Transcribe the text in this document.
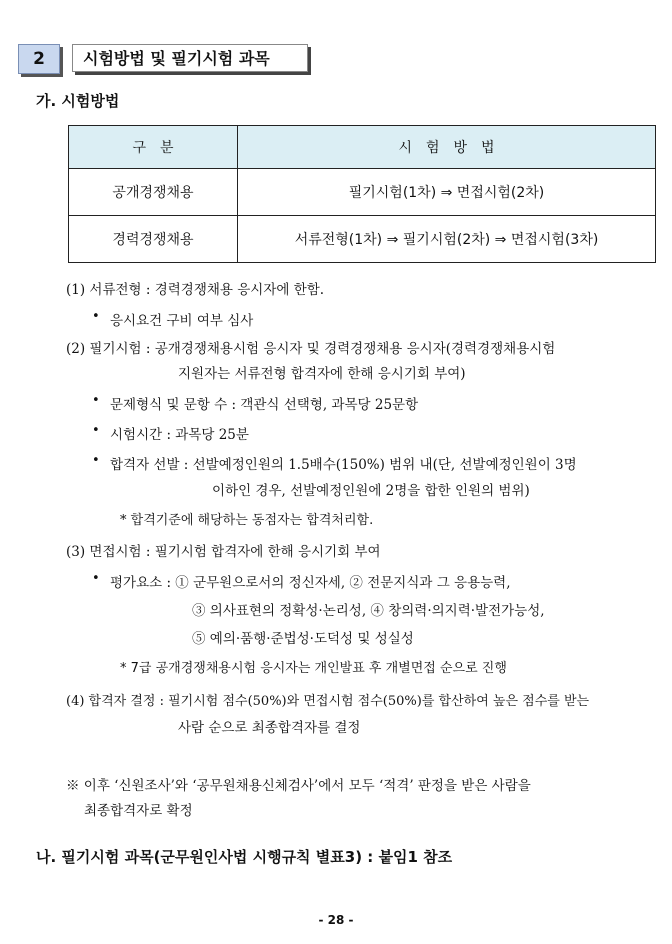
2	시험방법 및 필기시험 과목
가. 시험방법
구　분	시　험　방　법
공개경쟁채용	필기시험(1차) ⇒ 면접시험(2차)
경력경쟁채용	서류전형(1차) ⇒ 필기시험(2차) ⇒ 면접시험(3차)
(1) 서류전형 : 경력경쟁채용 응시자에 한함.
• 응시요건 구비 여부 심사
(2) 필기시험 : 공개경쟁채용시험 응시자 및 경력경쟁채용 응시자(경력경쟁채용시험
지원자는 서류전형 합격자에 한해 응시기회 부여)
• 문제형식 및 문항 수 : 객관식 선택형, 과목당 25문항
• 시험시간 : 과목당 25분
• 합격자 선발 : 선발예정인원의 1.5배수(150%) 범위 내(단, 선발예정인원이 3명
이하인 경우, 선발예정인원에 2명을 합한 인원의 범위)
* 합격기준에 해당하는 동점자는 합격처리함.
(3) 면접시험 : 필기시험 합격자에 한해 응시기회 부여
• 평가요소 : ① 군무원으로서의 정신자세, ② 전문지식과 그 응용능력,
③ 의사표현의 정확성·논리성, ④ 창의력·의지력·발전가능성,
⑤ 예의·품행·준법성·도덕성 및 성실성
* 7급 공개경쟁채용시험 응시자는 개인발표 후 개별면접 순으로 진행
(4) 합격자 결정 : 필기시험 점수(50%)와 면접시험 점수(50%)를 합산하여 높은 점수를 받는
사람 순으로 최종합격자를 결정
※ 이후 ‘신원조사’와 ‘공무원채용신체검사’에서 모두 ‘적격’ 판정을 받은 사람을
최종합격자로 확정
나. 필기시험 과목(군무원인사법 시행규칙 별표3) : 붙임1 참조
- 28 -
